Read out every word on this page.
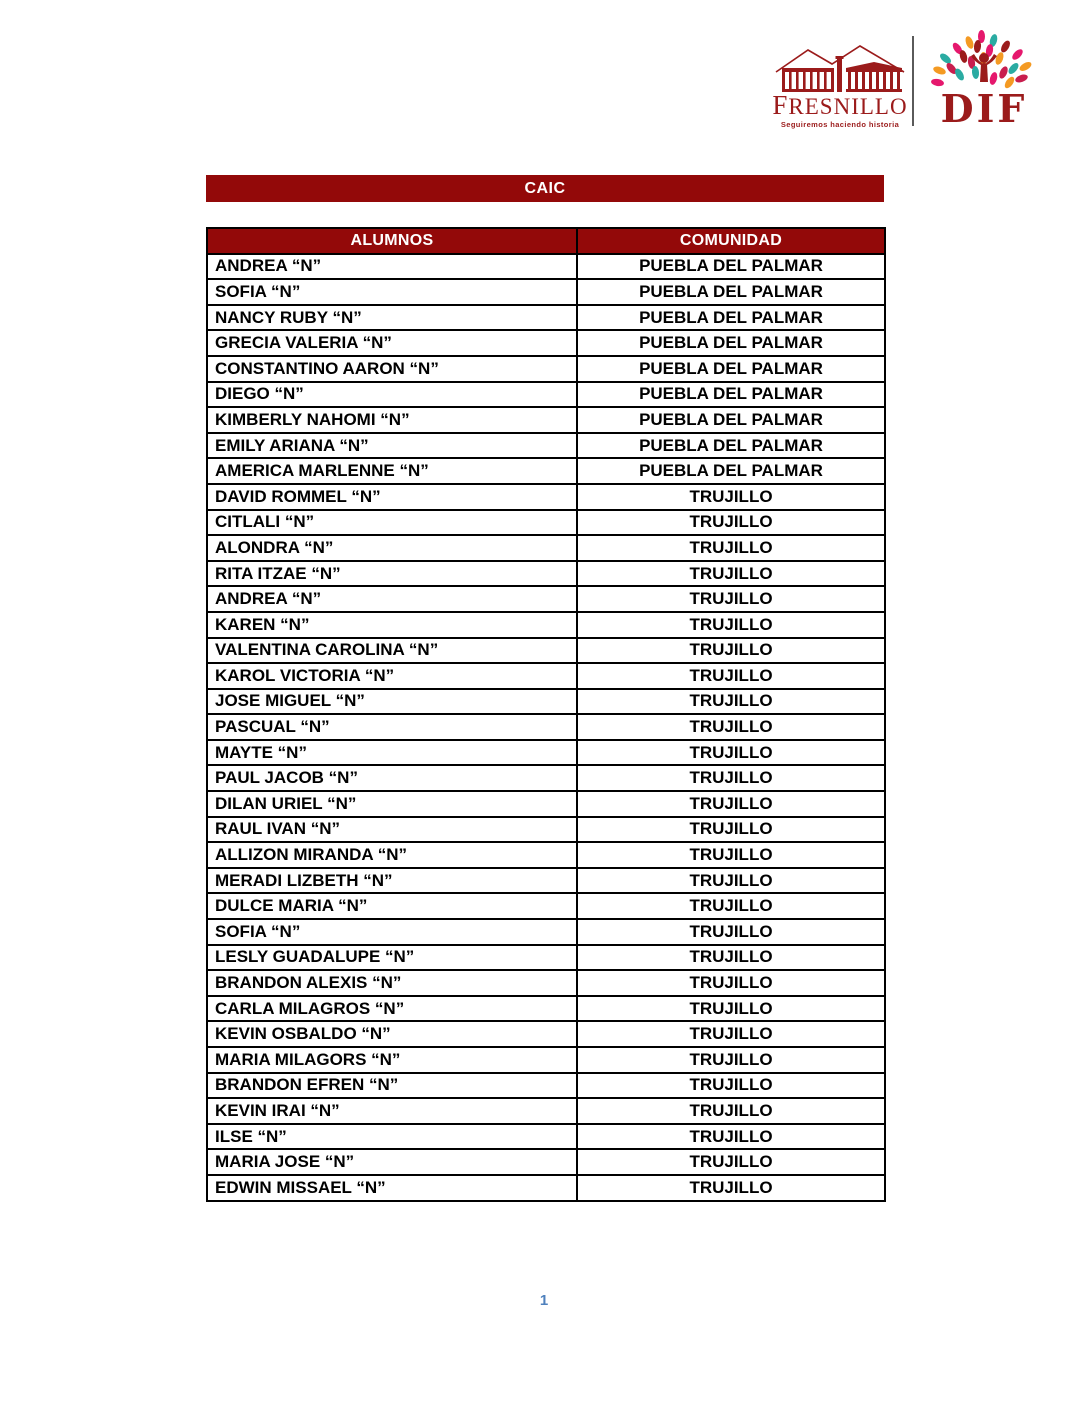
FRESNILLO
Seguiremos haciendo historia DIF
CAIC
ALUMNOS	COMUNIDAD
ANDREA “N”	PUEBLA DEL PALMAR
SOFIA “N”	PUEBLA DEL PALMAR
NANCY RUBY “N”	PUEBLA DEL PALMAR
GRECIA VALERIA “N”	PUEBLA DEL PALMAR
CONSTANTINO AARON “N”	PUEBLA DEL PALMAR
DIEGO “N”	PUEBLA DEL PALMAR
KIMBERLY NAHOMI “N”	PUEBLA DEL PALMAR
EMILY ARIANA “N”	PUEBLA DEL PALMAR
AMERICA MARLENNE “N”	PUEBLA DEL PALMAR
DAVID ROMMEL “N”	TRUJILLO
CITLALI “N”	TRUJILLO
ALONDRA “N”	TRUJILLO
RITA ITZAE “N”	TRUJILLO
ANDREA “N”	TRUJILLO
KAREN “N”	TRUJILLO
VALENTINA CAROLINA “N”	TRUJILLO
KAROL VICTORIA “N”	TRUJILLO
JOSE MIGUEL “N”	TRUJILLO
PASCUAL “N”	TRUJILLO
MAYTE “N”	TRUJILLO
PAUL JACOB “N”	TRUJILLO
DILAN URIEL “N”	TRUJILLO
RAUL IVAN “N”	TRUJILLO
ALLIZON MIRANDA “N”	TRUJILLO
MERADI LIZBETH “N”	TRUJILLO
DULCE MARIA “N”	TRUJILLO
SOFIA “N”	TRUJILLO
LESLY GUADALUPE “N”	TRUJILLO
BRANDON ALEXIS “N”	TRUJILLO
CARLA MILAGROS “N”	TRUJILLO
KEVIN OSBALDO “N”	TRUJILLO
MARIA MILAGORS “N”	TRUJILLO
BRANDON EFREN “N”	TRUJILLO
KEVIN IRAI “N”	TRUJILLO
ILSE “N”	TRUJILLO
MARIA JOSE “N”	TRUJILLO
EDWIN MISSAEL “N”	TRUJILLO
1
